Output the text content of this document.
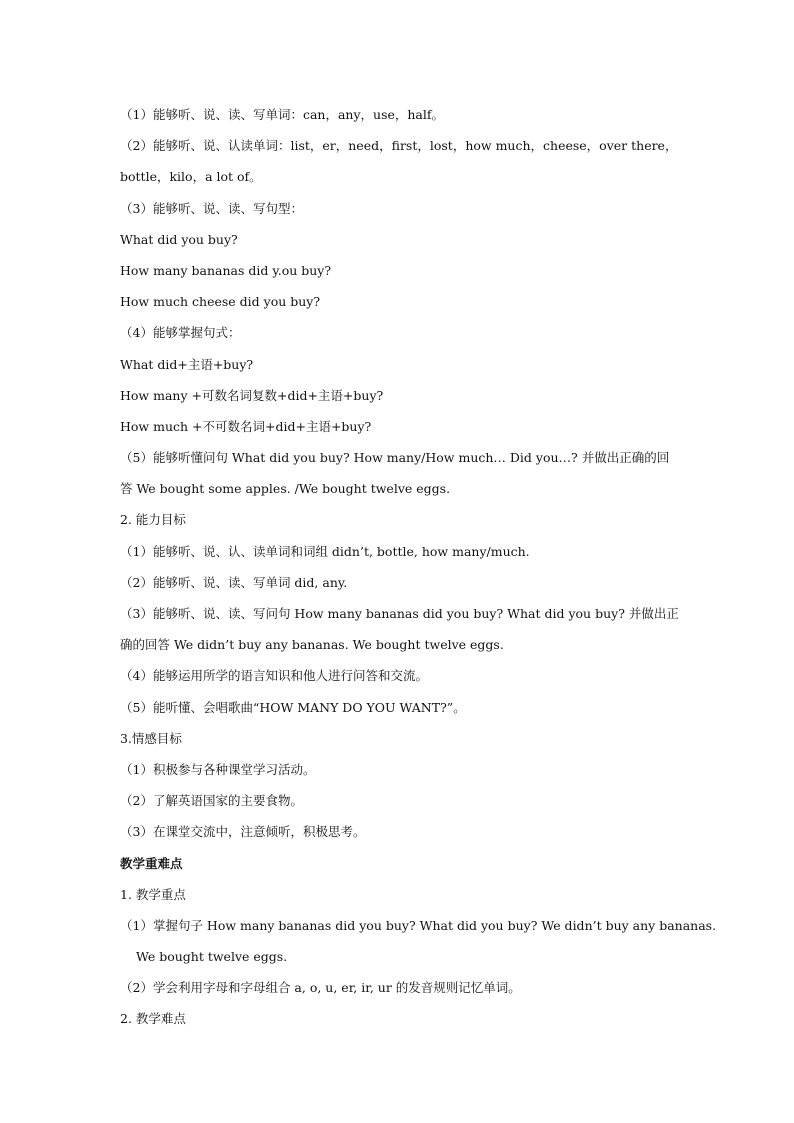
（1）能够听、说、读、写单词：can，any，use，half。
（2）能够听、说、认读单词：list，er，need，first，lost，how much，cheese，over there，
bottle，kilo，a lot of。
（3）能够听、说、读、写句型：
What did you buy?
How many bananas did y.ou buy?
How much cheese did you buy?
（4）能够掌握句式：
What did+主语+buy?
How many +可数名词复数+did+主语+buy?
How much +不可数名词+did+主语+buy?
（5）能够听懂问句 What did you buy? How many/How much… Did you…? 并做出正确的回
答 We bought some apples. /We bought twelve eggs.
2. 能力目标
（1）能够听、说、认、读单词和词组 didn’t, bottle, how many/much.
（2）能够听、说、读、写单词 did, any.
（3）能够听、说、读、写问句 How many bananas did you buy? What did you buy? 并做出正
确的回答 We didn’t buy any bananas. We bought twelve eggs.
（4）能够运用所学的语言知识和他人进行问答和交流。
（5）能听懂、会唱歌曲“HOW MANY DO YOU WANT?”。
3.情感目标
（1）积极参与各种课堂学习活动。
（2）了解英语国家的主要食物。
（3）在课堂交流中，注意倾听，积极思考。
教学重难点
1. 教学重点
（1）掌握句子 How many bananas did you buy? What did you buy? We didn’t buy any bananas.
We bought twelve eggs.
（2）学会利用字母和字母组合 a, o, u, er, ir, ur 的发音规则记忆单词。
2. 教学难点
